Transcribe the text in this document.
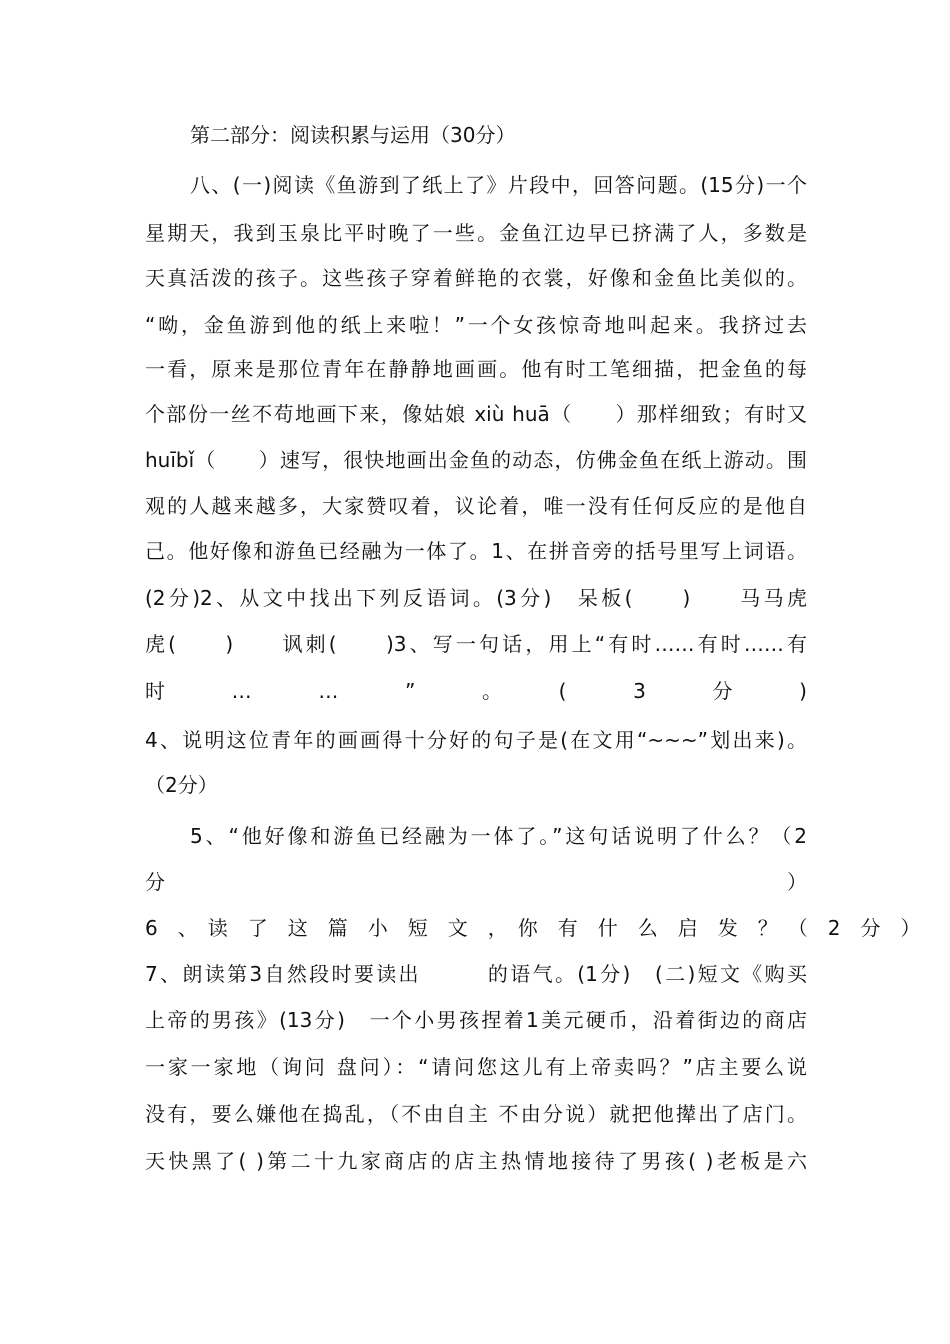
第二部分：阅读积累与运用（30分）
八、(一)阅读《鱼游到了纸上了》片段中，回答问题。(15分)一个
星期天，我到玉泉比平时晚了一些。金鱼江边早已挤满了人，多数是
天真活泼的孩子。这些孩子穿着鲜艳的衣裳，好像和金鱼比美似的。
“呦，金鱼游到他的纸上来啦！”一个女孩惊奇地叫起来。我挤过去
一看，原来是那位青年在静静地画画。他有时工笔细描，把金鱼的每
个部份一丝不苟地画下来，像姑娘 xiù huā（　　）那样细致；有时又
huībǐ（　　）速写，很快地画出金鱼的动态，仿佛金鱼在纸上游动。围
观的人越来越多，大家赞叹着，议论着，唯一没有任何反应的是他自
己。他好像和游鱼已经融为一体了。1、在拼音旁的括号里写上词语。
(2分)2、从文中找出下列反语词。(3分)　呆板(　　)　　马马虎
虎(　　)　　讽刺(　　)3、写一句话，用上“有时……有时……有
时　…　…　”　。　(　3　分　)
4、说明这位青年的画画得十分好的句子是(在文用“~~~”划出来)。
（2分）
5、“他好像和游鱼已经融为一体了。”这句话说明了什么？（2
分	）
6　、　读　了　这　篇　小　短　文　，　你　有　什　么　启　发　？　（　2　分　）
7、朗读第3自然段时要读出　　　的语气。(1分)　(二)短文《购买
上帝的男孩》(13分)　一个小男孩捏着1美元硬币，沿着街边的商店
一家一家地（询问 盘问）：“请问您这儿有上帝卖吗？”店主要么说
没有，要么嫌他在捣乱，（不由自主 不由分说）就把他撵出了店门。
天快黑了( )第二十九家商店的店主热情地接待了男孩( )老板是六
